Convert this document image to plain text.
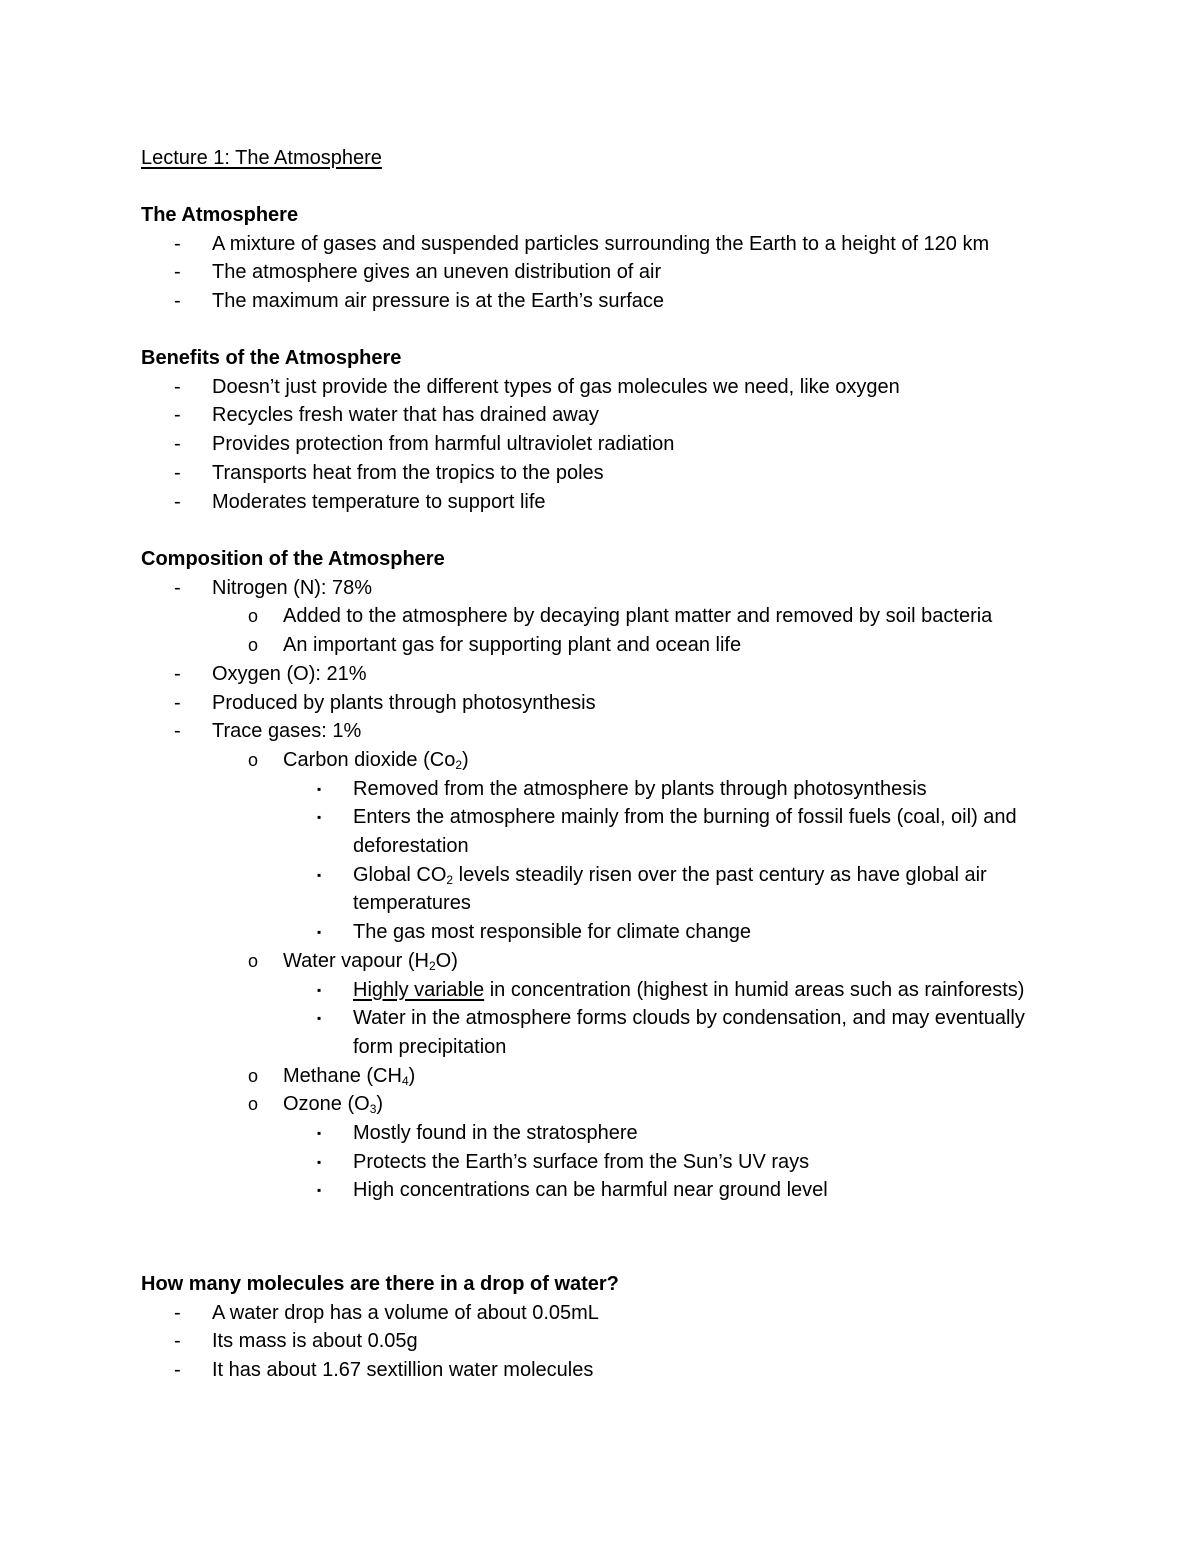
Lecture 1: The Atmosphere
The Atmosphere
- A mixture of gases and suspended particles surrounding the Earth to a height of 120 km
- The atmosphere gives an uneven distribution of air
- The maximum air pressure is at the Earth’s surface
Benefits of the Atmosphere
- Doesn’t just provide the different types of gas molecules we need, like oxygen
- Recycles fresh water that has drained away
- Provides protection from harmful ultraviolet radiation
- Transports heat from the tropics to the poles
- Moderates temperature to support life
Composition of the Atmosphere
- Nitrogen (N): 78%
o Added to the atmosphere by decaying plant matter and removed by soil bacteria
o An important gas for supporting plant and ocean life
- Oxygen (O): 21%
- Produced by plants through photosynthesis
- Trace gases: 1%
o Carbon dioxide $(Co_2)$
▪ Removed from the atmosphere by plants through photosynthesis
▪ Enters the atmosphere mainly from the burning of fossil fuels (coal, oil) and deforestation
▪ Global $CO_2$ levels steadily risen over the past century as have global air temperatures
▪ The gas most responsible for climate change
o Water vapour $(H_2O)$
▪ Highly variable in concentration (highest in humid areas such as rainforests)
▪ Water in the atmosphere forms clouds by condensation, and may eventually form precipitation
o Methane $(CH_4)$
o Ozone $(O_3)$
▪ Mostly found in the stratosphere
▪ Protects the Earth’s surface from the Sun’s UV rays
▪ High concentrations can be harmful near ground level
How many molecules are there in a drop of water?
- A water drop has a volume of about 0.05mL
- Its mass is about 0.05g
- It has about 1.67 sextillion water molecules
